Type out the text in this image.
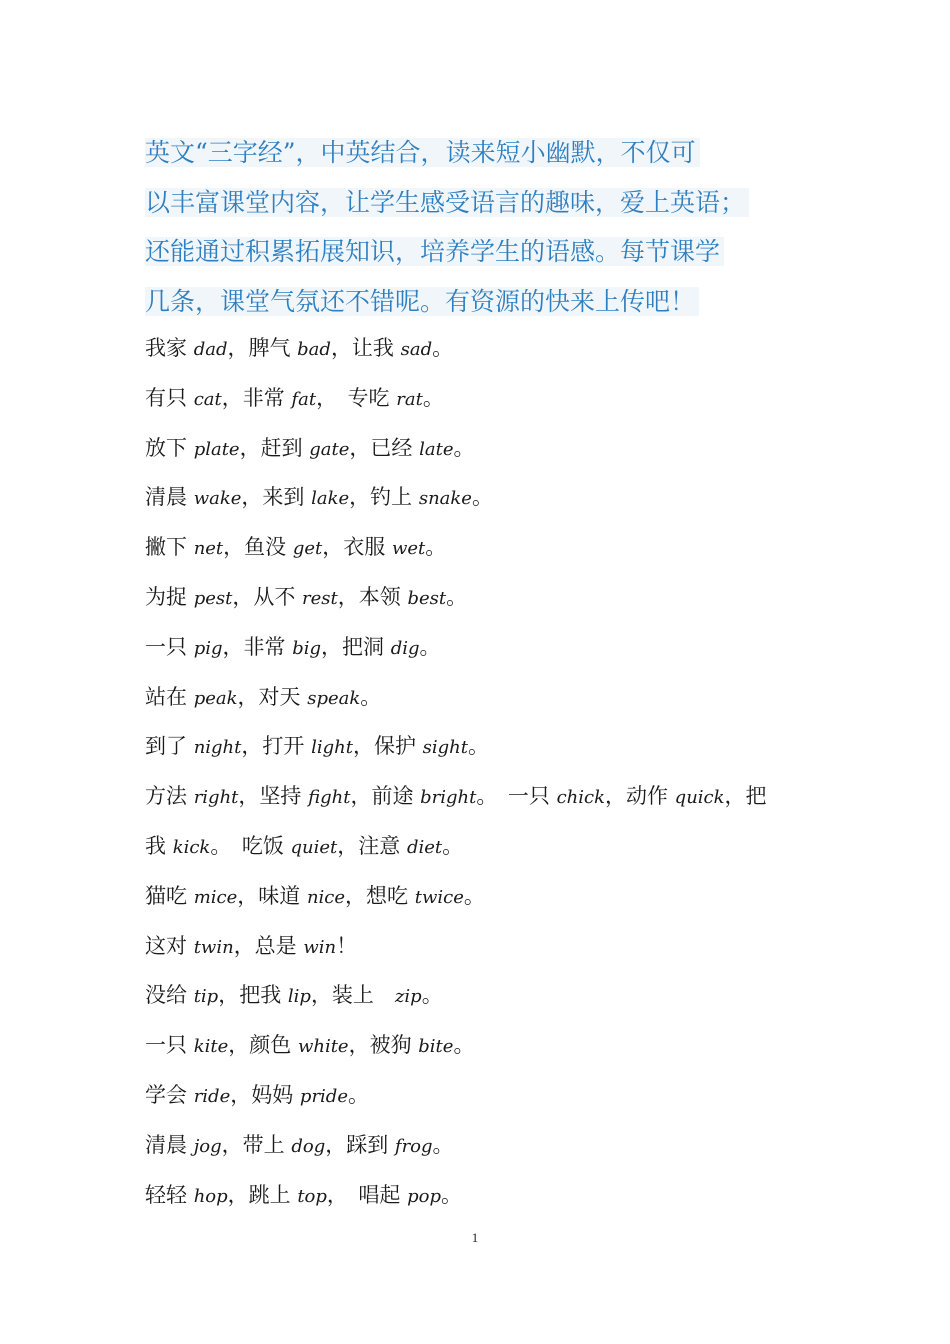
英文“三字经”，中英结合，读来短小幽默，不仅可
以丰富课堂内容，让学生感受语言的趣味，爱上英语；
还能通过积累拓展知识，培养学生的语感。每节课学
几条，课堂气氛还不错呢。有资源的快来上传吧！
我家 dad，脾气 bad，让我 sad。
有只 cat，非常 fat，　专吃 rat。
放下 plate，赶到 gate，已经 late。
清晨 wake，来到 lake，钓上 snake。
撇下 net，鱼没 get，衣服 wet。
为捉 pest，从不 rest，本领 best。
一只 pig，非常 big，把洞 dig。
站在 peak，对天 speak。
到了 night，打开 light，保护 sight。
方法 right，坚持 fight，前途 bright。　一只 chick，动作 quick，把
我 kick。　吃饭 quiet，注意 diet。
猫吃 mice，味道 nice，想吃 twice。
这对 twin，总是 win！
没给 tip，把我 lip，装上　zip。
一只 kite，颜色 white，被狗 bite。
学会 ride，妈妈 pride。
清晨 jog，带上 dog，踩到 frog。
轻轻 hop，跳上 top，　唱起 pop。
1
